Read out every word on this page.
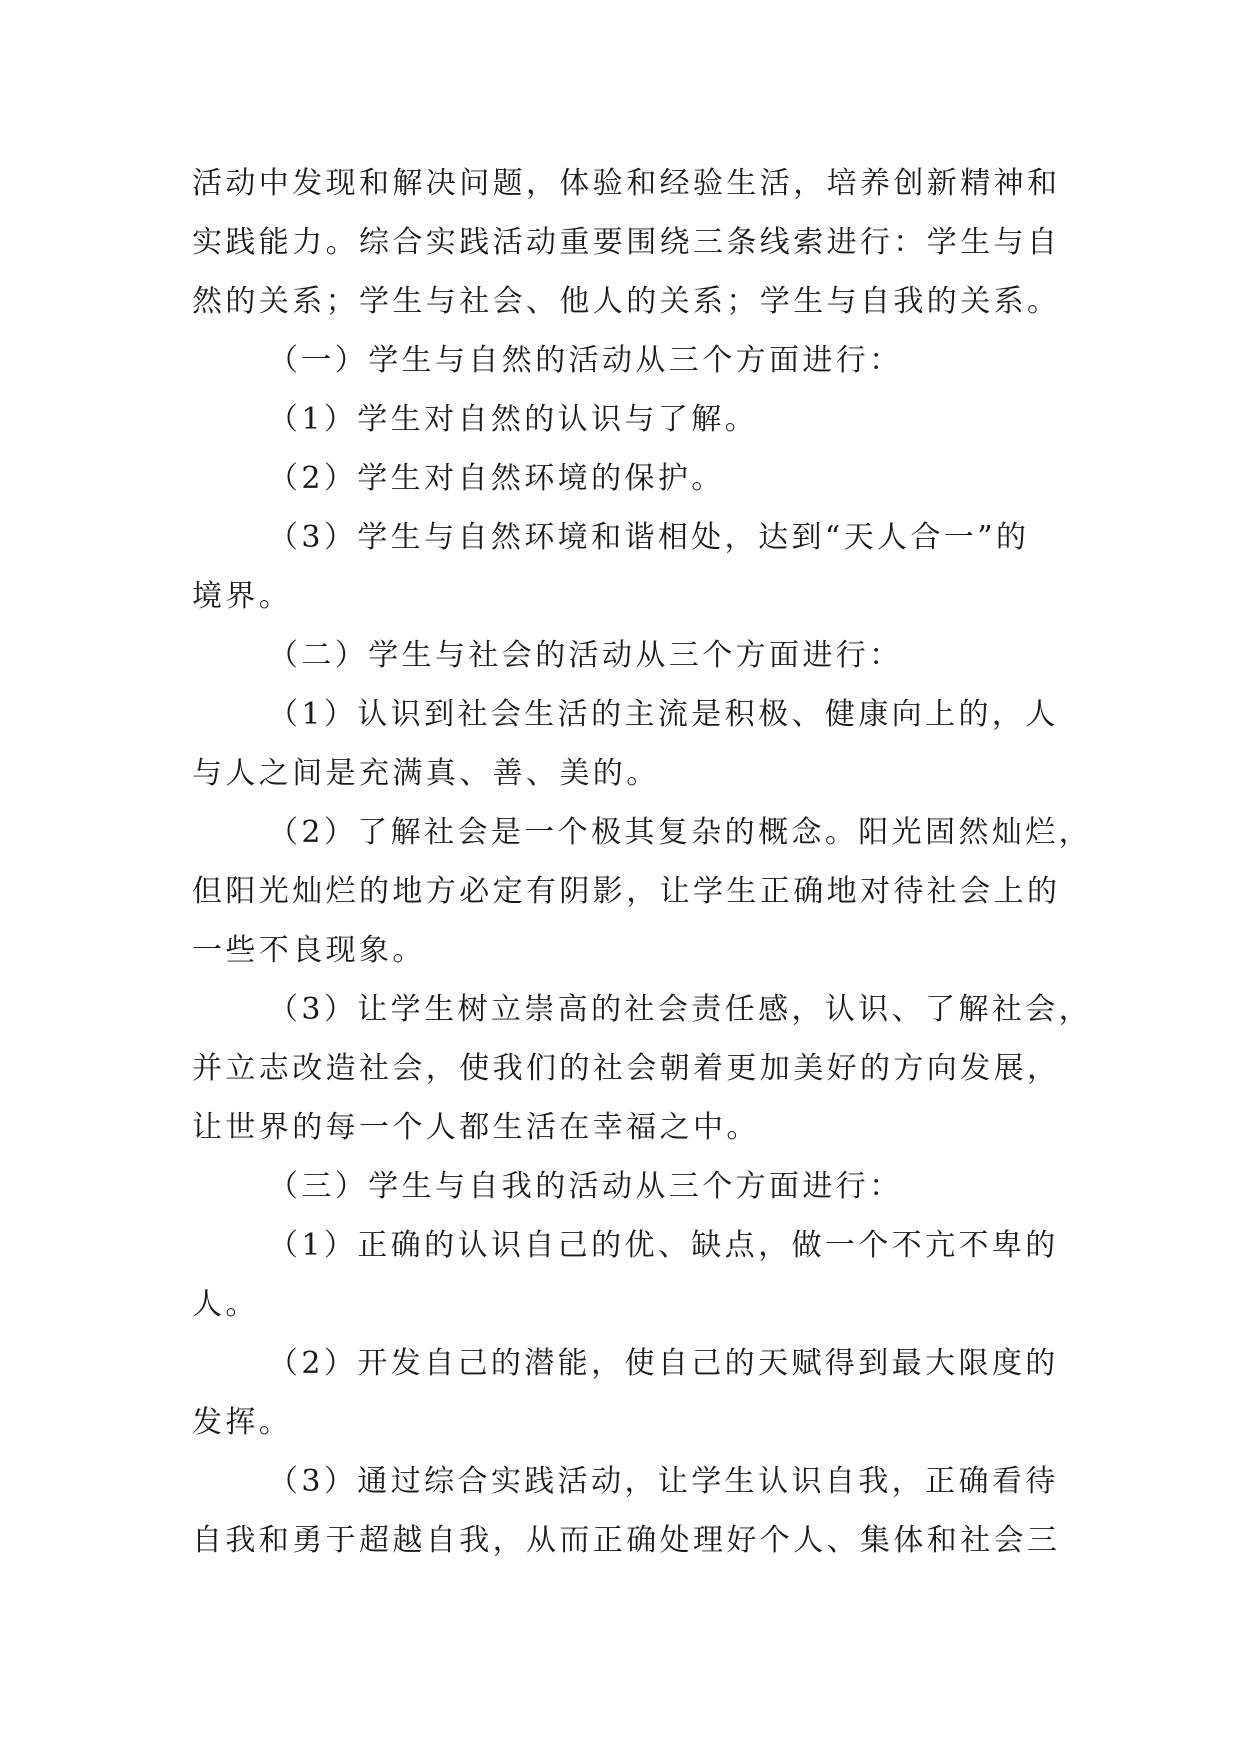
活动中发现和解决问题，体验和经验生活，培养创新精神和
实践能力。综合实践活动重要围绕三条线索进行：学生与自
然的关系；学生与社会、他人的关系；学生与自我的关系。
（一）学生与自然的活动从三个方面进行：
（1）学生对自然的认识与了解。
（2）学生对自然环境的保护。
（3）学生与自然环境和谐相处，达到“天人合一”的
境界。
（二）学生与社会的活动从三个方面进行：
（1）认识到社会生活的主流是积极、健康向上的，人
与人之间是充满真、善、美的。
（2）了解社会是一个极其复杂的概念。阳光固然灿烂，
但阳光灿烂的地方必定有阴影，让学生正确地对待社会上的
一些不良现象。
（3）让学生树立崇高的社会责任感，认识、了解社会，
并立志改造社会，使我们的社会朝着更加美好的方向发展，
让世界的每一个人都生活在幸福之中。
（三）学生与自我的活动从三个方面进行：
（1）正确的认识自己的优、缺点，做一个不亢不卑的
人。
（2）开发自己的潜能，使自己的天赋得到最大限度的
发挥。
（3）通过综合实践活动，让学生认识自我，正确看待
自我和勇于超越自我，从而正确处理好个人、集体和社会三
